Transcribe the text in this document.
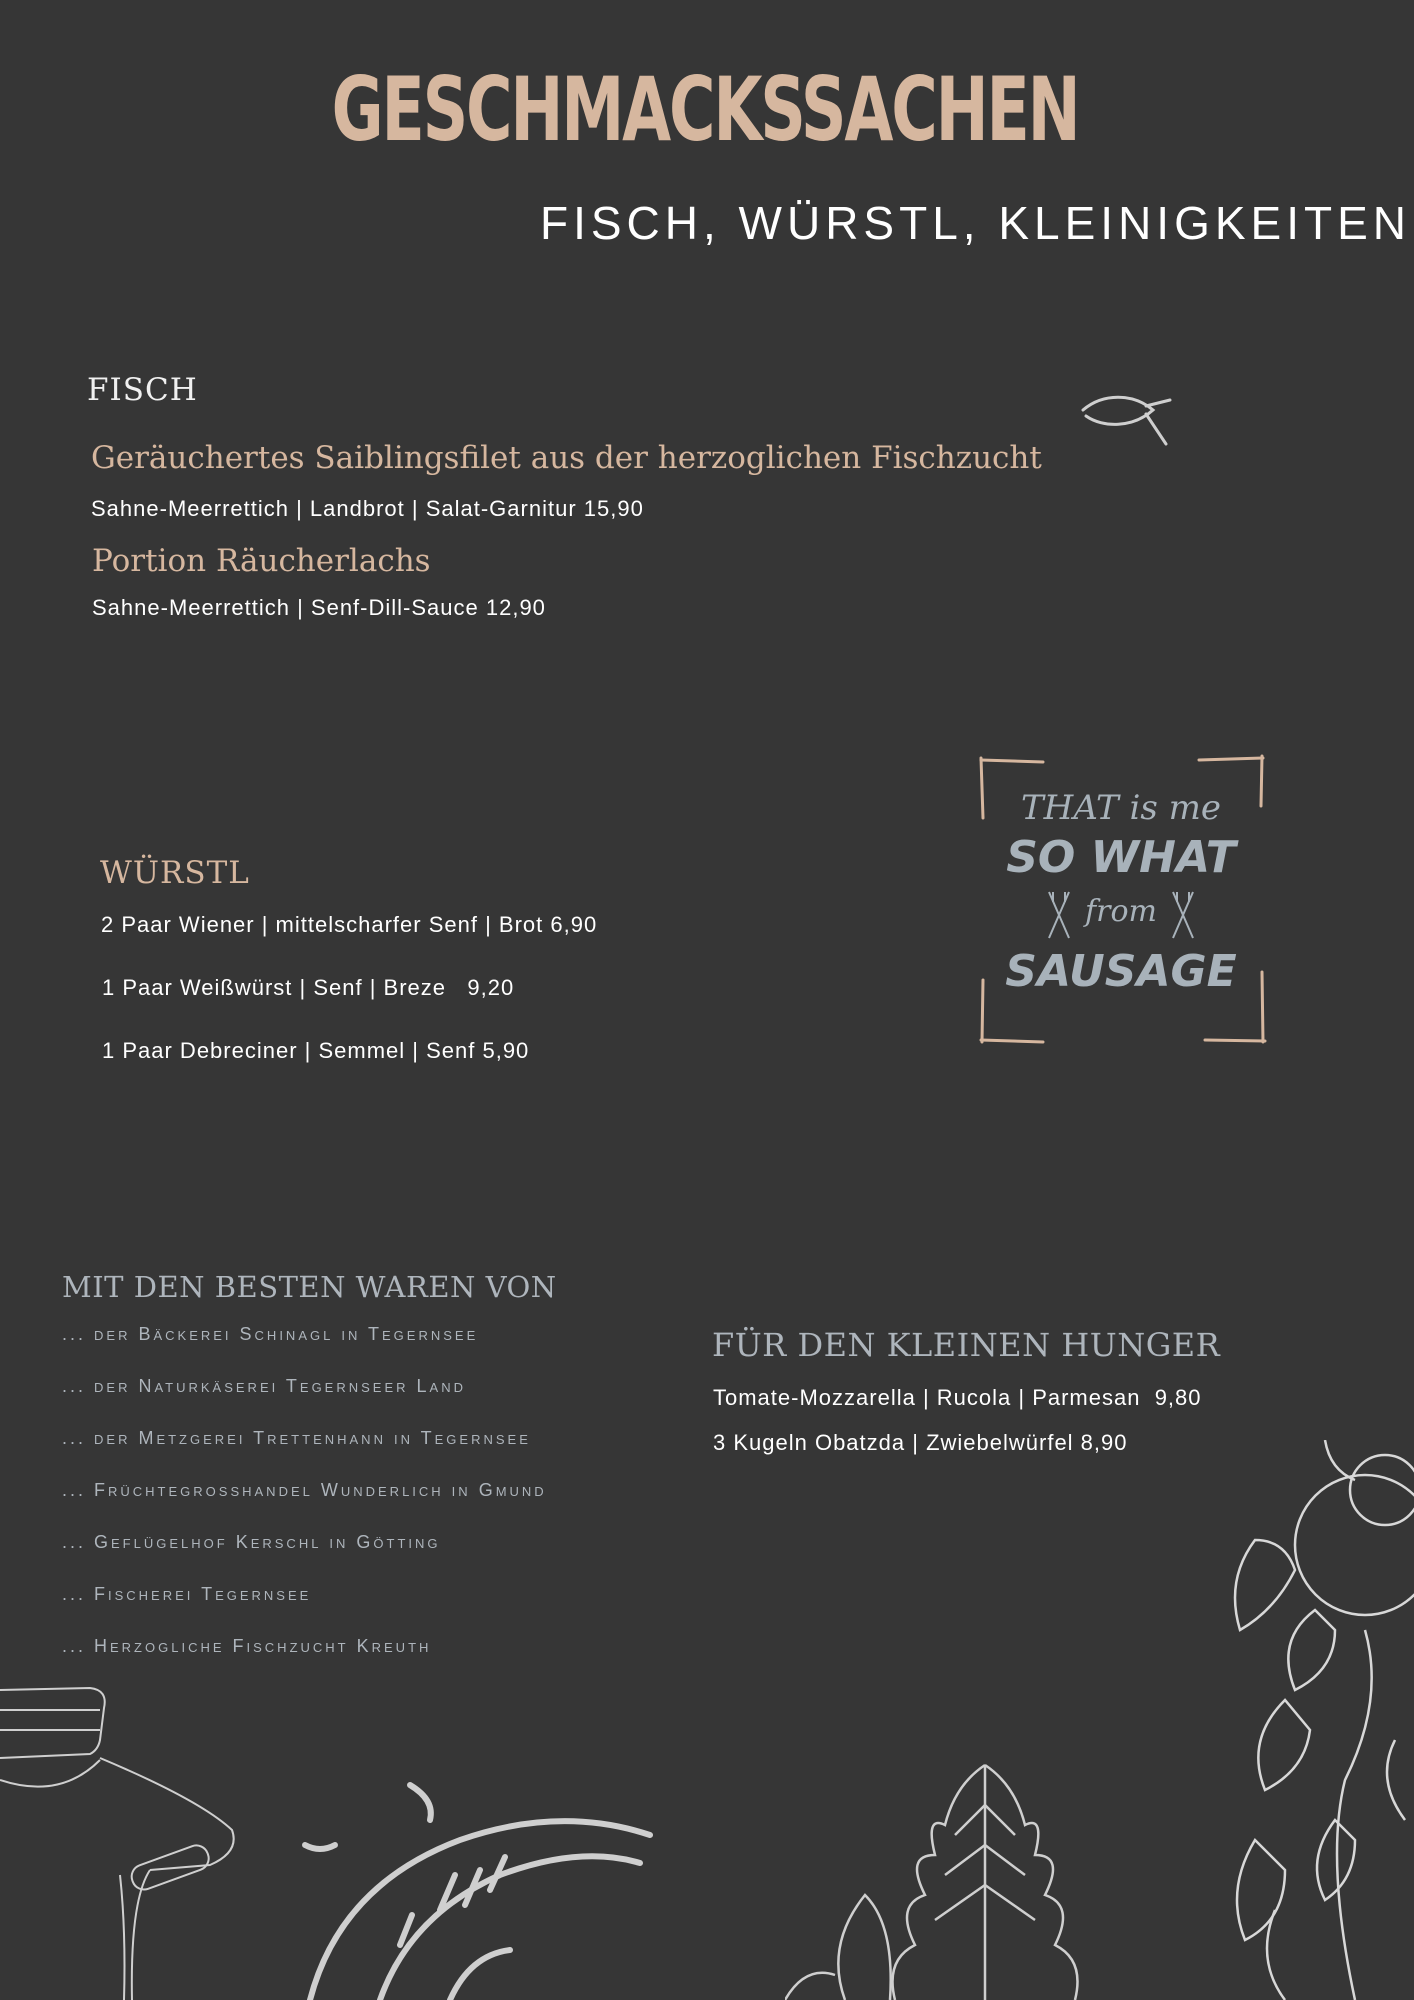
GESCHMACKSSACHEN
FISCH, WÜRSTL, KLEINIGKEITEN
FISCH
Geräuchertes Saiblingsfilet aus der herzoglichen Fischzucht
Sahne-Meerrettich | Landbrot | Salat-Garnitur 15,90
Portion Räucherlachs
Sahne-Meerrettich | Senf-Dill-Sauce 12,90
WÜRSTL
2 Paar Wiener | mittelscharfer Senf | Brot 6,90
1 Paar Weißwürst | Senf | Breze   9,20
1 Paar Debreciner | Semmel | Senf 5,90
THAT is me
SO WHAT
from
SAUSAGE
MIT DEN BESTEN WAREN VON
... der Bäckerei Schinagl in Tegernsee
... der Naturkäserei Tegernseer Land
... der Metzgerei Trettenhann in Tegernsee
... Früchtegrosshandel Wunderlich in Gmund
... Geflügelhof Kerschl in Götting
... Fischerei Tegernsee
... Herzogliche Fischzucht Kreuth
FÜR DEN KLEINEN HUNGER
Tomate-Mozzarella | Rucola | Parmesan  9,80
3 Kugeln Obatzda | Zwiebelwürfel 8,90
